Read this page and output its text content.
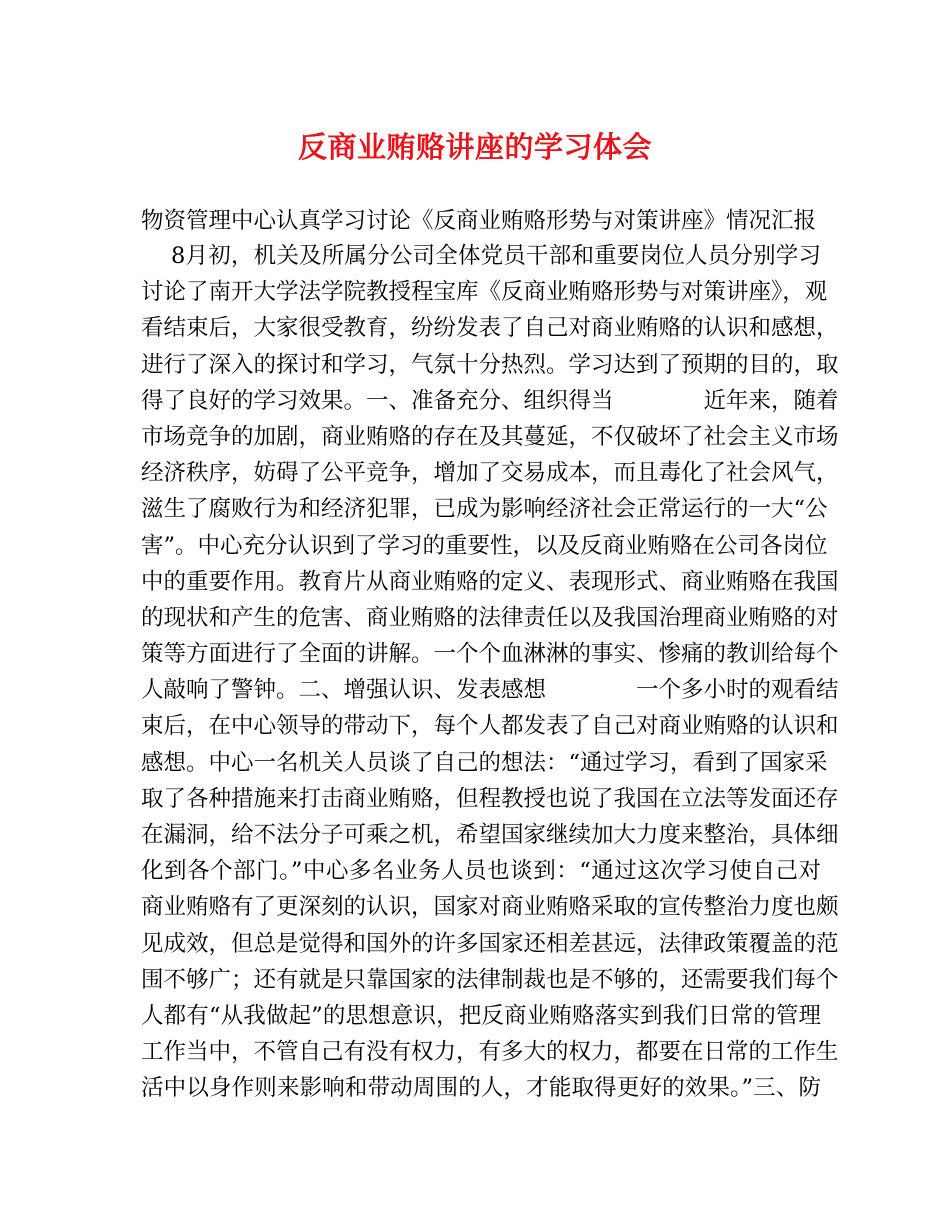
反商业贿赂讲座的学习体会
物资管理中心认真学习讨论《反商业贿赂形势与对策讲座》情况汇报
8月初，机关及所属分公司全体党员干部和重要岗位人员分别学习
讨论了南开大学法学院教授程宝库《反商业贿赂形势与对策讲座》，观
看结束后，大家很受教育，纷纷发表了自己对商业贿赂的认识和感想，
进行了深入的探讨和学习，气氛十分热烈。学习达到了预期的目的，取
得了良好的学习效果。一、准备充分、组织得当　　　　近年来，随着
市场竞争的加剧，商业贿赂的存在及其蔓延，不仅破坏了社会主义市场
经济秩序，妨碍了公平竞争，增加了交易成本，而且毒化了社会风气，
滋生了腐败行为和经济犯罪，已成为影响经济社会正常运行的一大“公
害”。中心充分认识到了学习的重要性，以及反商业贿赂在公司各岗位
中的重要作用。教育片从商业贿赂的定义、表现形式、商业贿赂在我国
的现状和产生的危害、商业贿赂的法律责任以及我国治理商业贿赂的对
策等方面进行了全面的讲解。一个个血淋淋的事实、惨痛的教训给每个
人敲响了警钟。二、增强认识、发表感想　　　　一个多小时的观看结
束后，在中心领导的带动下，每个人都发表了自己对商业贿赂的认识和
感想。中心一名机关人员谈了自己的想法：“通过学习，看到了国家采
取了各种措施来打击商业贿赂，但程教授也说了我国在立法等发面还存
在漏洞，给不法分子可乘之机，希望国家继续加大力度来整治，具体细
化到各个部门。”中心多名业务人员也谈到：“通过这次学习使自己对
商业贿赂有了更深刻的认识，国家对商业贿赂采取的宣传整治力度也颇
见成效，但总是觉得和国外的许多国家还相差甚远，法律政策覆盖的范
围不够广；还有就是只靠国家的法律制裁也是不够的，还需要我们每个
人都有“从我做起”的思想意识，把反商业贿赂落实到我们日常的管理
工作当中，不管自己有没有权力，有多大的权力，都要在日常的工作生
活中以身作则来影响和带动周围的人，才能取得更好的效果。”三、防
